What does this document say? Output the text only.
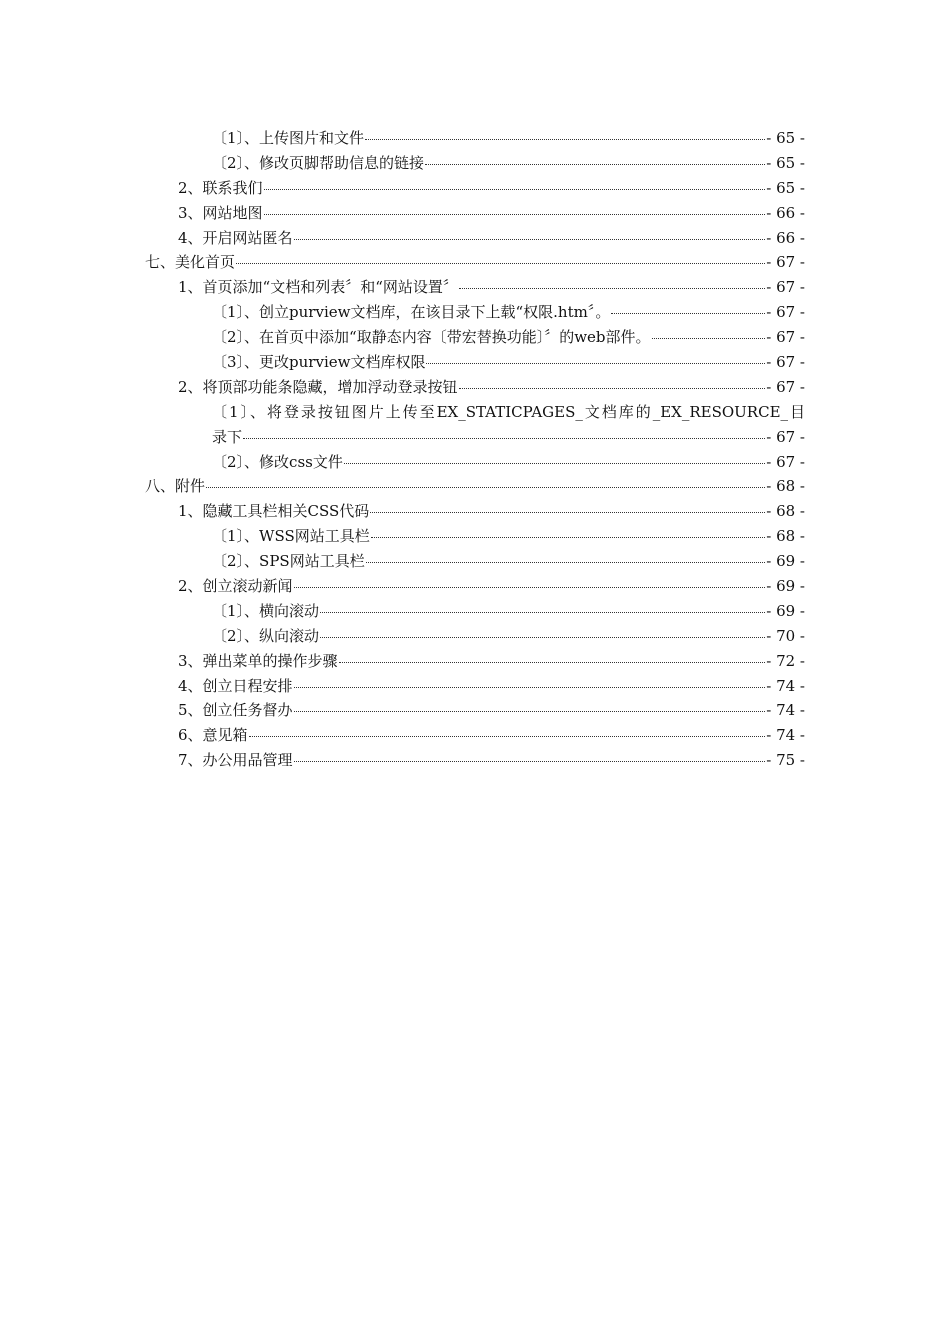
〔1〕、上传图片和文件	- 65 -
〔2〕、修改页脚帮助信息的链接	- 65 -
2、联系我们	- 65 -
3、网站地图	- 66 -
4、开启网站匿名	- 66 -
七、美化首页	- 67 -
1、首页添加“文档和列表〞和“网站设置〞	- 67 -
〔1〕、创立purview文档库，在该目录下上载“权限.htm〞。	- 67 -
〔2〕、在首页中添加“取静态内容〔带宏替换功能〕〞的web部件。	- 67 -
〔3〕、更改purview文档库权限	- 67 -
2、将顶部功能条隐藏，增加浮动登录按钮	- 67 -
〔1〕、将登录按钮图片上传至EX_STATICPAGES_文档库的_EX_RESOURCE_目
录下	- 67 -
〔2〕、修改css文件	- 67 -
八、附件	- 68 -
1、隐藏工具栏相关CSS代码	- 68 -
〔1〕、WSS网站工具栏	- 68 -
〔2〕、SPS网站工具栏	- 69 -
2、创立滚动新闻	- 69 -
〔1〕、横向滚动	- 69 -
〔2〕、纵向滚动	- 70 -
3、弹出菜单的操作步骤	- 72 -
4、创立日程安排	- 74 -
5、创立任务督办	- 74 -
6、意见箱	- 74 -
7、办公用品管理	- 75 -
